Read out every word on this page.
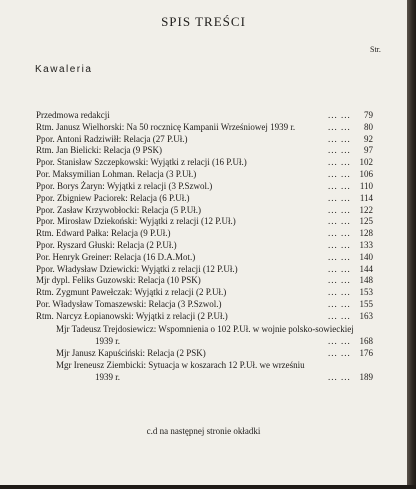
SPIS TREŚCI
Str.
Kawaleria
Przedmowa redakcji	... ...	79
Rtm. Janusz Wielhorski: Na 50 rocznicę Kampanii Wrześniowej 1939 r.	... ...	80
Ppor. Antoni Radziwiłł: Relacja (27 P.Uł.)	... ...	92
Rtm. Jan Bielicki: Relacja (9 PSK)	... ...	97
Ppor. Stanisław Szczepkowski: Wyjątki z relacji (16 P.Uł.)	... ... 102
Por. Maksymilian Lohman. Relacja (3 P.Uł.)	... ... 106
Ppor. Borys Żaryn: Wyjątki z relacji (3 P.Szwol.)	... ...	110
Ppor. Zbigniew Paciorek: Relacja (6 P.Uł.)	... ...	114
Ppor. Zasław Krzywobłocki: Relacja (5 P.Uł.)	... ... 122
Ppor. Mirosław Dziekoński: Wyjątki z relacji (12 P.Uł.)	... ... 125
Rtm. Edward Pałka: Relacja (9 P.Uł.)	... ... 128
Ppor. Ryszard Głuski: Relacja (2 P.Uł.)	... ... 133
Por. Henryk Greiner: Relacja (16 D.A.Mot.)	... ... 140
Ppor. Władysław Dziewicki: Wyjątki z relacji (12 P.Uł.)	... ... 144
Mjr dypl. Feliks Guzowski: Relacja (10 PSK)	... ... 148
Rtm. Zygmunt Pawełczak: Wyjątki z relacji (2 P.Uł.)	... ... 153
Por. Władysław Tomaszewski: Relacja (3 P.Szwol.)	... ... 155
Rtm. Narcyz Łopianowski: Wyjątki z relacji (2 P.Uł.)	... ... 163
Mjr Tadeusz Trejdosiewicz: Wspomnienia o 102 P.Uł. w wojnie polsko-sowieckiej
1939 r.	... ... 168
Mjr Janusz Kapuściński: Relacja (2 PSK)	... ... 176
Mgr Ireneusz Ziembicki: Sytuacja w koszarach 12 P.Uł. we wrześniu
1939 r.	... ... 189
c.d na następnej stronie okładki
